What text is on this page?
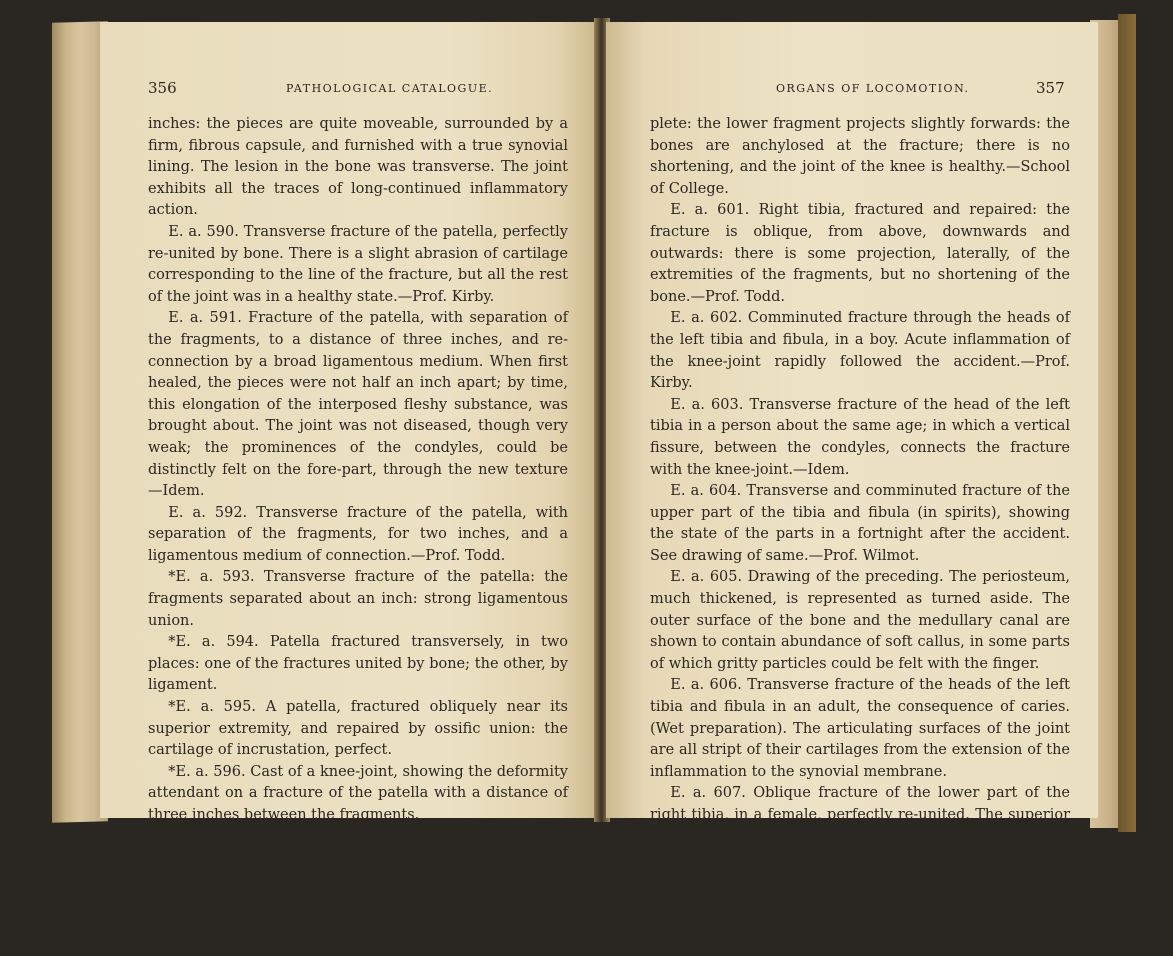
356	PATHOLOGICAL CATALOGUE.

inches: the pieces are quite moveable, surrounded by a firm, fibrous capsule, and furnished with a true synovial lining. The lesion in the bone was transverse. The joint exhibits all the traces of long-continued inflammatory action.

E. a. 590. Transverse fracture of the patella, perfectly re-united by bone. There is a slight abrasion of cartilage corresponding to the line of the fracture, but all the rest of the joint was in a healthy state.—Prof. Kirby.

E. a. 591. Fracture of the patella, with separation of the fragments, to a distance of three inches, and re-connection by a broad ligamentous medium. When first healed, the pieces were not half an inch apart; by time, this elongation of the interposed fleshy substance, was brought about. The joint was not diseased, though very weak; the prominences of the condyles, could be distinctly felt on the fore-part, through the new texture—Idem.

E. a. 592. Transverse fracture of the patella, with separation of the fragments, for two inches, and a ligamentous medium of connection.—Prof. Todd.

*E. a. 593. Transverse fracture of the patella: the fragments separated about an inch: strong ligamentous union.

*E. a. 594. Patella fractured transversely, in two places: one of the fractures united by bone; the other, by ligament.

*E. a. 595. A patella, fractured obliquely near its superior extremity, and repaired by ossific union: the cartilage of incrustation, perfect.

*E. a. 596. Cast of a knee-joint, showing the deformity attendant on a fracture of the patella with a distance of three inches between the fragments.

E. a. 597. Cast of a knee-joint, showing the deformity attendant on a fracture of the patella, with a distance of three-fourths of an inch between the fragments.

E. a. 600. Fracture of the left tibia and fibula, in a man, close beneath the superior articulation. The union is com-

ORGANS OF LOCOMOTION.	357

plete: the lower fragment projects slightly forwards: the bones are anchylosed at the fracture; there is no shortening, and the joint of the knee is healthy.—School of College.

E. a. 601. Right tibia, fractured and repaired: the fracture is oblique, from above, downwards and outwards: there is some projection, laterally, of the extremities of the fragments, but no shortening of the bone.—Prof. Todd.

E. a. 602. Comminuted fracture through the heads of the left tibia and fibula, in a boy. Acute inflammation of the knee-joint rapidly followed the accident.—Prof. Kirby.

E. a. 603. Transverse fracture of the head of the left tibia in a person about the same age; in which a vertical fissure, between the condyles, connects the fracture with the knee-joint.—Idem.

E. a. 604. Transverse and comminuted fracture of the upper part of the tibia and fibula (in spirits), showing the state of the parts in a fortnight after the accident. See drawing of same.—Prof. Wilmot.

E. a. 605. Drawing of the preceding. The periosteum, much thickened, is represented as turned aside. The outer surface of the bone and the medullary canal are shown to contain abundance of soft callus, in some parts of which gritty particles could be felt with the finger.

E. a. 606. Transverse fracture of the heads of the left tibia and fibula in an adult, the consequence of caries. (Wet preparation). The articulating surfaces of the joint are all stript of their cartilages from the extension of the inflammation to the synovial membrane.

E. a. 607. Oblique fracture of the lower part of the right tibia, in a female, perfectly re-united. The superior fragment lies a little in front, and to the inside, of the inferior, with some overlapping.

E. a. 608. Oblique fracture of the left tibia and fibula, in a female, firmly consolidated, and exhibiting precisely the
